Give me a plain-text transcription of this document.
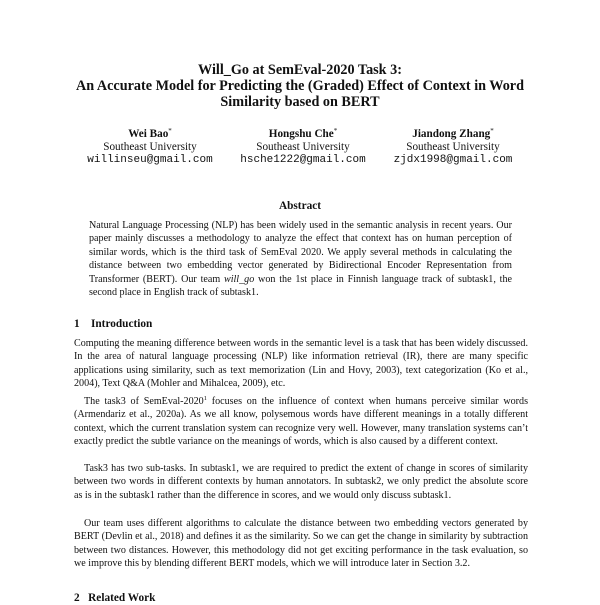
Will_Go at SemEval-2020 Task 3:
An Accurate Model for Predicting the (Graded) Effect of Context in Word
Similarity based on BERT
Wei Bao*
Southeast University
willinseu@gmail.com
Hongshu Che*
Southeast University
hsche1222@gmail.com
Jiandong Zhang*
Southeast University
zjdx1998@gmail.com
Abstract

Natural Language Processing (NLP) has been widely used in the semantic analysis in recent years. Our paper mainly discusses a methodology to analyze the effect that context has on human perception of similar words, which is the third task of SemEval 2020. We apply several methods in calculating the distance between two embedding vector generated by Bidirectional Encoder Representation from Transformer (BERT). Our team will_go won the 1st place in Finnish language track of subtask1, the second place in English track of subtask1.

1 Introduction

Computing the meaning difference between words in the semantic level is a task that has been widely discussed. In the area of natural language processing (NLP) like information retrieval (IR), there are many specific applications using similarity, such as text memorization (Lin and Hovy, 2003), text categorization (Ko et al., 2004), Text Q&A (Mohler and Mihalcea, 2009), etc.

The task3 of SemEval-2020$^1$ focuses on the influence of context when humans perceive similar words (Armendariz et al., 2020a). As we all know, polysemous words have different meanings in a totally different context, which the current translation system can recognize very well. However, many translation systems can’t exactly predict the subtle variance on the meanings of words, which is also caused by a different context.

Task3 has two sub-tasks. In subtask1, we are required to predict the extent of change in scores of similarity between two words in different contexts by human annotators. In subtask2, we only predict the absolute score as is in the subtask1 rather than the difference in scores, and we would only discuss subtask1.

Our team uses different algorithms to calculate the distance between two embedding vectors generated by BERT (Devlin et al., 2018) and defines it as the similarity. So we can get the change in similarity by subtraction between two distances. However, this methodology did not get exciting performance in the task evaluation, so we improve this by blending different BERT models, which we will introduce later in Section 3.2.

2 Related Work
